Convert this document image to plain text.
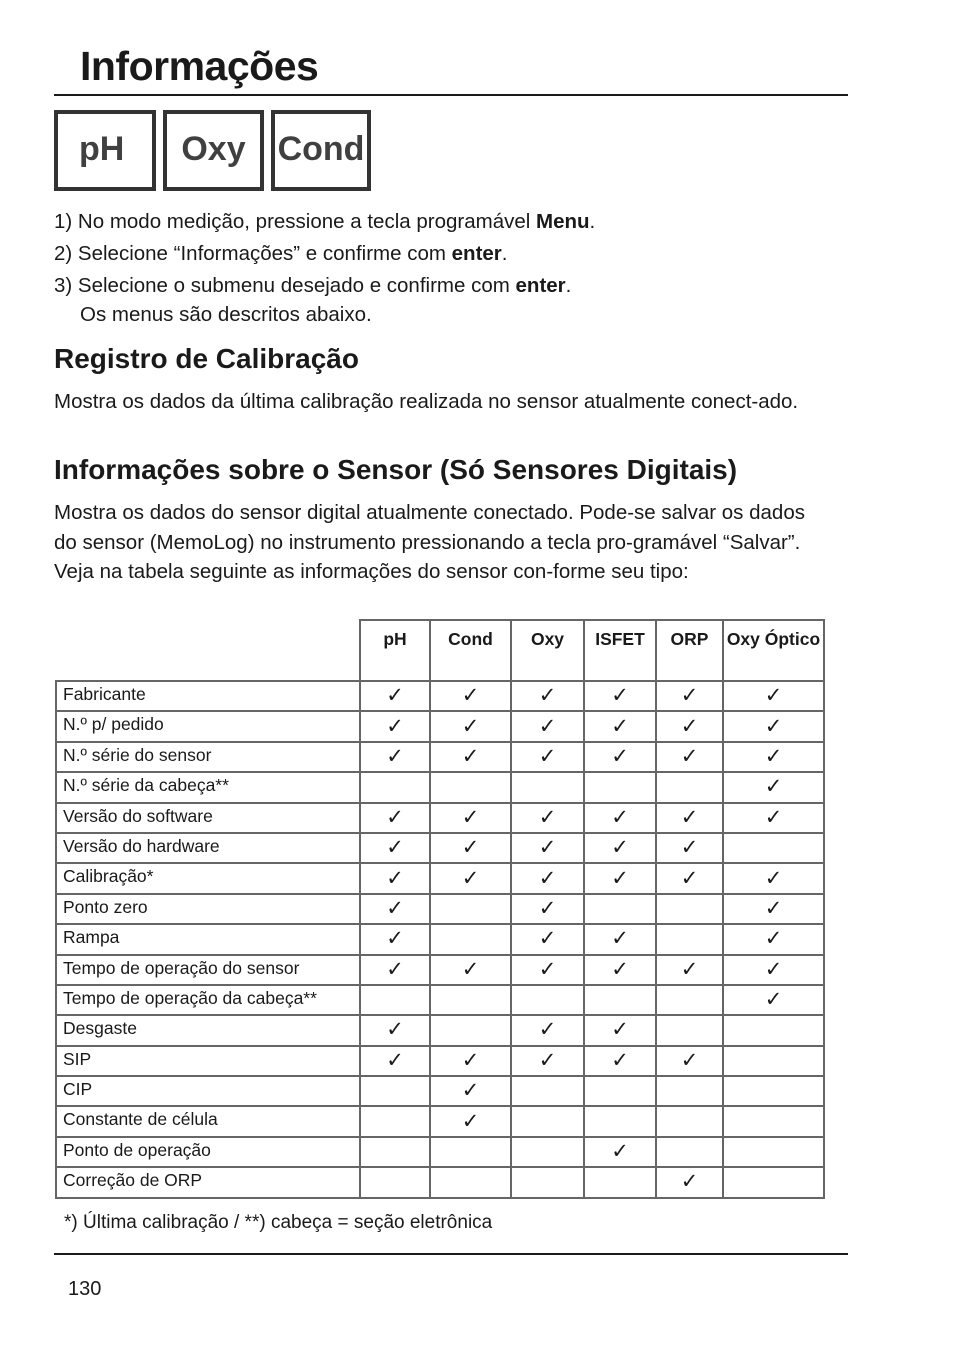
Informações
pH	Oxy Cond
1) No modo medição, pressione a tecla programável Menu.
2) Selecione “Informações” e confirme com enter.
3) Selecione o submenu desejado e confirme com enter.
Os menus são descritos abaixo.
Registro de Calibração

Mostra os dados da última calibração realizada no sensor atualmente conect-ado.

Informações sobre o Sensor (Só Sensores Digitais)

Mostra os dados do sensor digital atualmente conectado. Pode-se salvar os dados do sensor (MemoLog) no instrumento pressionando a tecla pro-gramável “Salvar”. Veja na tabela seguinte as informações do sensor con-forme seu tipo:

	pH	Cond	Oxy	ISFET	ORP	Oxy Óptico
Fabricante	✓	✓	✓	✓	✓	✓
N.º p/ pedido	✓	✓	✓	✓	✓	✓
N.º série do sensor	✓	✓	✓	✓	✓	✓
N.º série da cabeça**						✓
Versão do software	✓	✓	✓	✓	✓	✓
Versão do hardware	✓	✓	✓	✓	✓	
Calibração*	✓	✓	✓	✓	✓	✓
Ponto zero	✓		✓			✓
Rampa	✓		✓	✓		✓
Tempo de operação do sensor	✓	✓	✓	✓	✓	✓
Tempo de operação da cabeça**						✓
Desgaste	✓		✓	✓		
SIP	✓	✓	✓	✓	✓	
CIP		✓				
Constante de célula		✓				
Ponto de operação				✓		
Correção de ORP					✓	

*) Última calibração / **) cabeça = seção eletrônica

130
